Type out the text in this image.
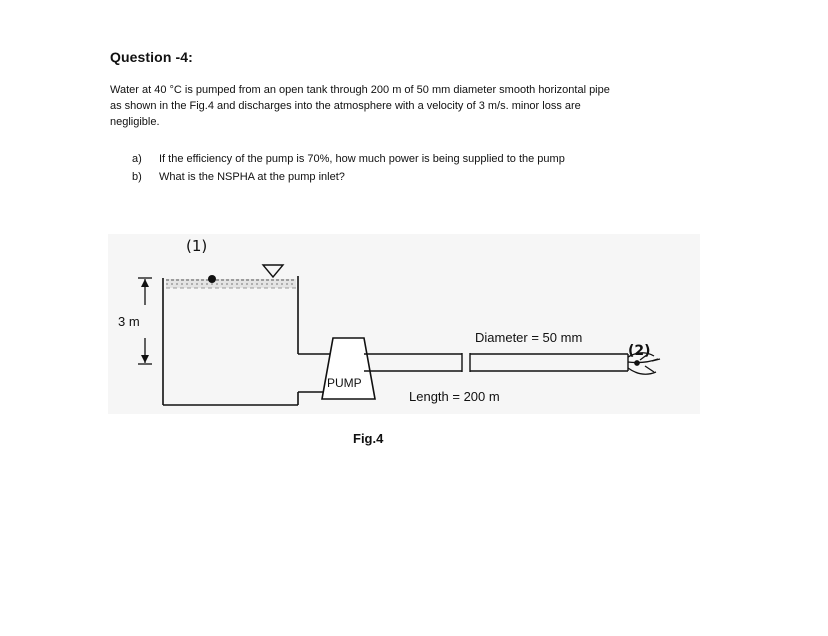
Question -4:
Water at 40 °C is pumped from an open tank through 200 m of 50 mm diameter smooth horizontal pipe
as shown in the Fig.4 and discharges into the atmosphere with a velocity of 3 m/s. minor loss are
negligible.
a)	If the efficiency of the pump is 70%, how much power is being supplied to the pump
b)	What is the NSPHA at the pump inlet?
(1)
3 m
PUMP
Diameter = 50 mm
(2)
Length = 200 m
Fig.4
